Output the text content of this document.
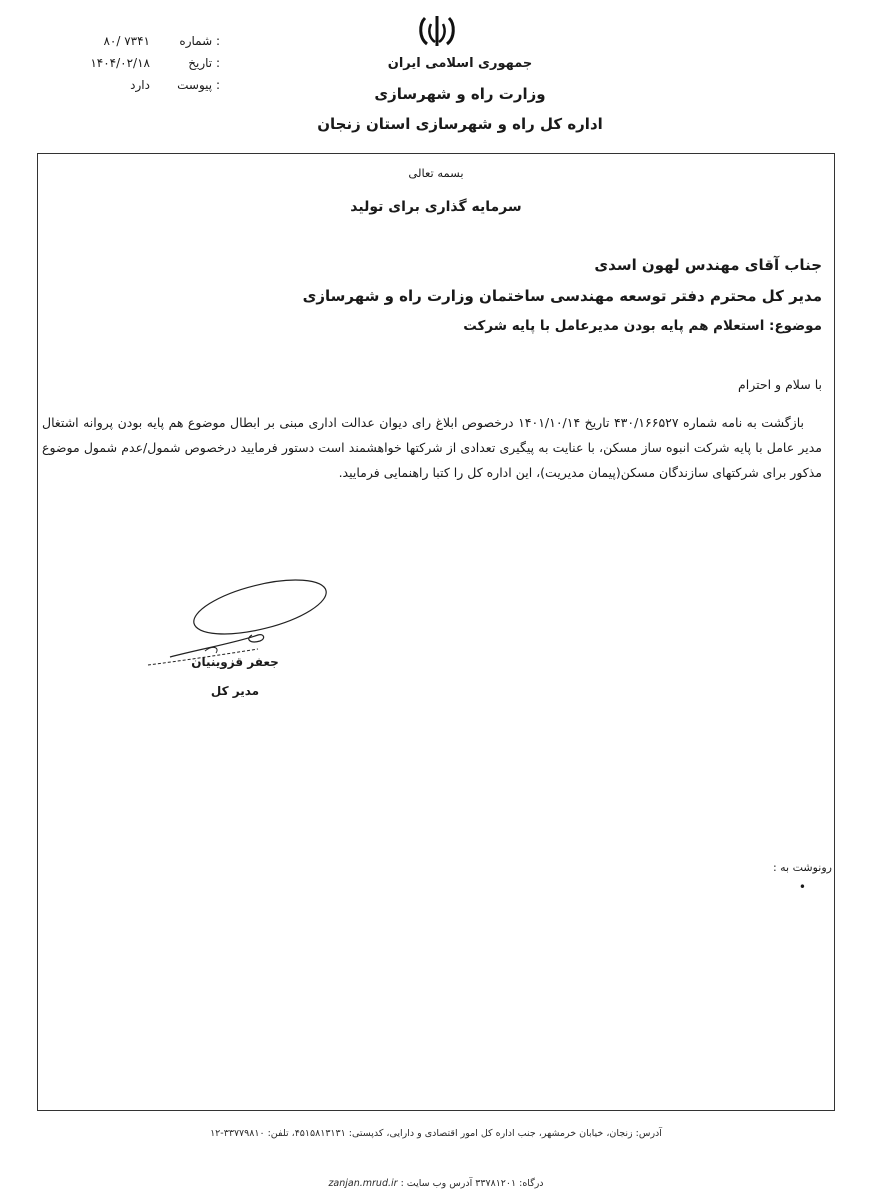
شماره :
۸۰/ ۷۳۴۱
تاریخ :
۱۴۰۴/۰۲/۱۸
پیوست :
دارد
جمهوری اسلامی ایران
وزارت راه و شهرسازی
اداره کل راه و شهرسازی استان زنجان
بسمه تعالی
سرمایه گذاری برای تولید
جناب آقای مهندس لهون اسدی
مدیر کل محترم دفتر توسعه مهندسی ساختمان وزارت راه و شهرسازی
موضوع: استعلام هم پایه بودن مدیرعامل با پایه شرکت
با سلام و احترام

بازگشت به نامه شماره ۴۳۰/۱۶۶۵۲۷ تاریخ ۱۴۰۱/۱۰/۱۴ درخصوص ابلاغ رای دیوان عدالت اداری مبنی بر ابطال موضوع هم پایه بودن پروانه اشتغال مدیر عامل با پایه شرکت انبوه ساز مسکن، با عنایت به پیگیری تعدادی از شرکتها خواهشمند است دستور فرمایید درخصوص شمول/عدم شمول موضوع مذکور برای شرکتهای سازندگان مسکن(پیمان مدیریت)، این اداره کل را کتبا راهنمایی فرمایید.

جعفر قزوینیان
مدیر کل
رونوشت به :
•
آدرس: زنجان، خیابان خرمشهر، جنب اداره کل امور اقتصادی و دارایی، کدپستی: ۴۵۱۵۸۱۳۱۳۱، تلفن: ۳۳۷۷۹۸۱۰-۱۲
درگاه: ۳۳۷۸۱۲۰۱ آدرس وب سایت : zanjan.mrud.ir
